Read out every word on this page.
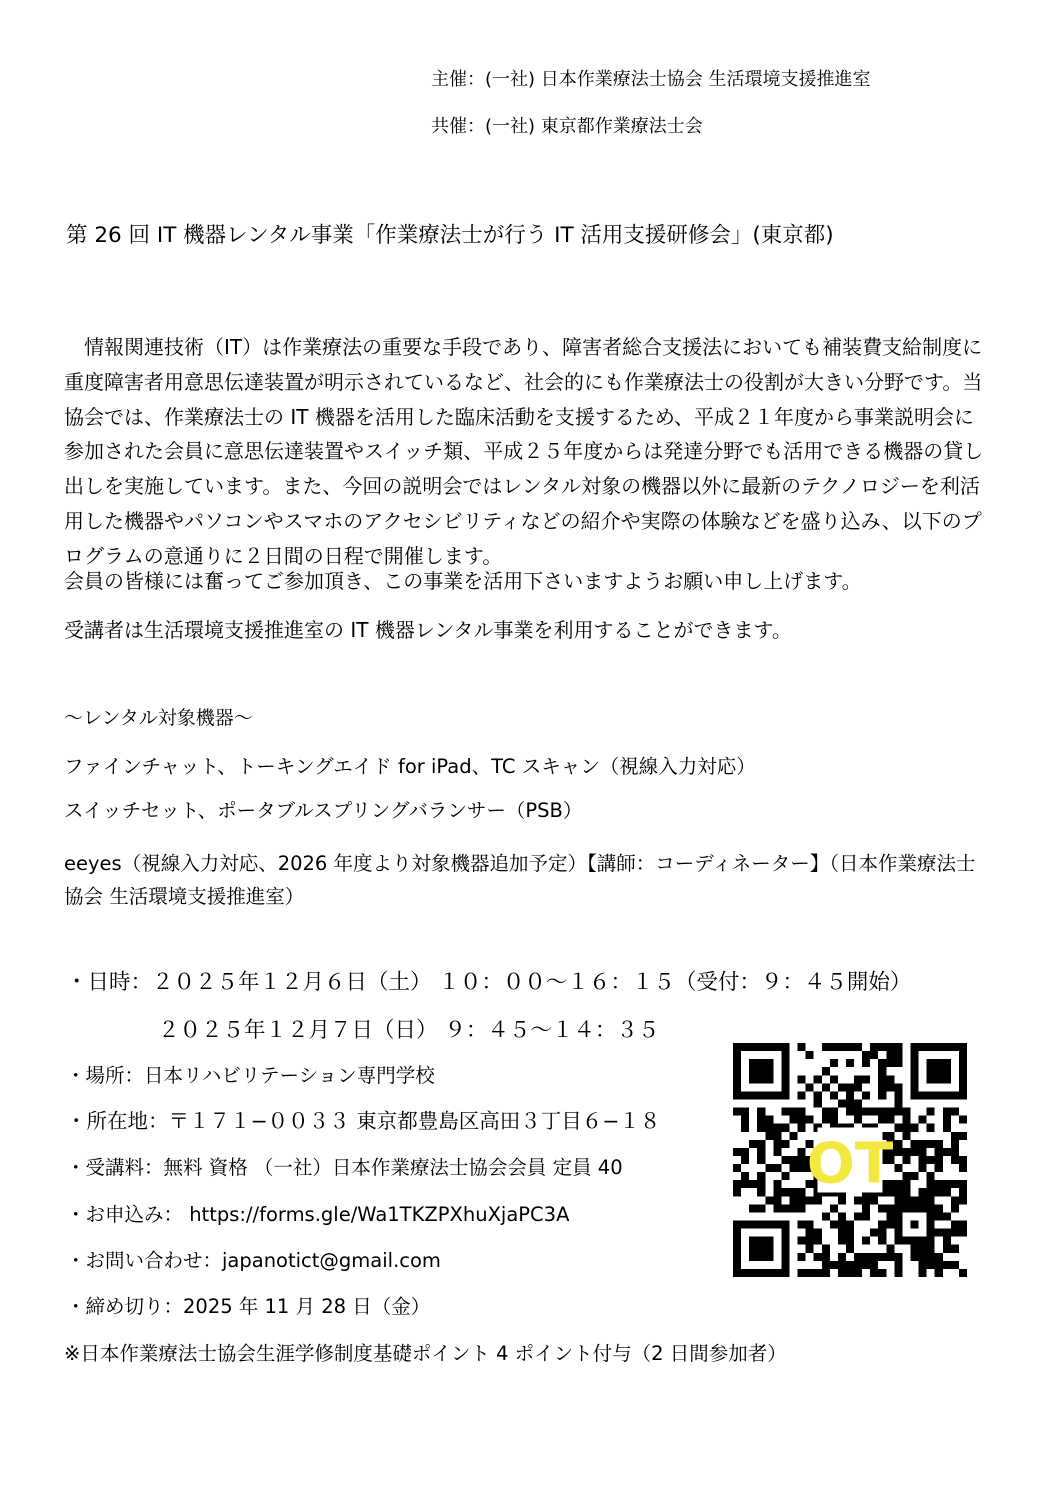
主催：(一社) 日本作業療法士協会 生活環境支援推進室
共催：(一社) 東京都作業療法士会
第 26 回 IT 機器レンタル事業「作業療法士が行う IT 活用支援研修会」(東京都)

　情報関連技術（IT）は作業療法の重要な手段であり、障害者総合支援法においても補装費支給制度に重度障害者用意思伝達装置が明示されているなど、社会的にも作業療法士の役割が大きい分野です。当協会では、作業療法士の IT 機器を活用した臨床活動を支援するため、平成２１年度から事業説明会に参加された会員に意思伝達装置やスイッチ類、平成２５年度からは発達分野でも活用できる機器の貸し出しを実施しています。また、今回の説明会ではレンタル対象の機器以外に最新のテクノロジーを利活用した機器やパソコンやスマホのアクセシビリティなどの紹介や実際の体験などを盛り込み、以下のプログラムの意通りに２日間の日程で開催します。

会員の皆様には奮ってご参加頂き、この事業を活用下さいますようお願い申し上げます。
受講者は生活環境支援推進室の IT 機器レンタル事業を利用することができます。
〜レンタル対象機器〜
ファインチャット、トーキングエイド for iPad、TC スキャン（視線入力対応）
スイッチセット、ポータブルスプリングバランサー（PSB）

eeyes（視線入力対応、2026 年度より対象機器追加予定）【講師：コーディネーター】（日本作業療法士協会 生活環境支援推進室）

・日時：２０２５年１２月６日（土） １０：００〜１６：１５（受付：９：４５開始）
２０２５年１２月７日（日） ９：４５〜１４：３５
・場所：日本リハビリテーション専門学校
・所在地：〒１７１−００３３ 東京都豊島区高田３丁目６−１８
・受講料：無料 資格 （一社）日本作業療法士協会会員 定員 40
・お申込み： https://forms.gle/Wa1TKZPXhuXjaPC3A
・お問い合わせ：japanotict@gmail.com
・締め切り：2025 年 11 月 28 日（金）
※日本作業療法士協会生涯学修制度基礎ポイント 4 ポイント付与（2 日間参加者）
OT
